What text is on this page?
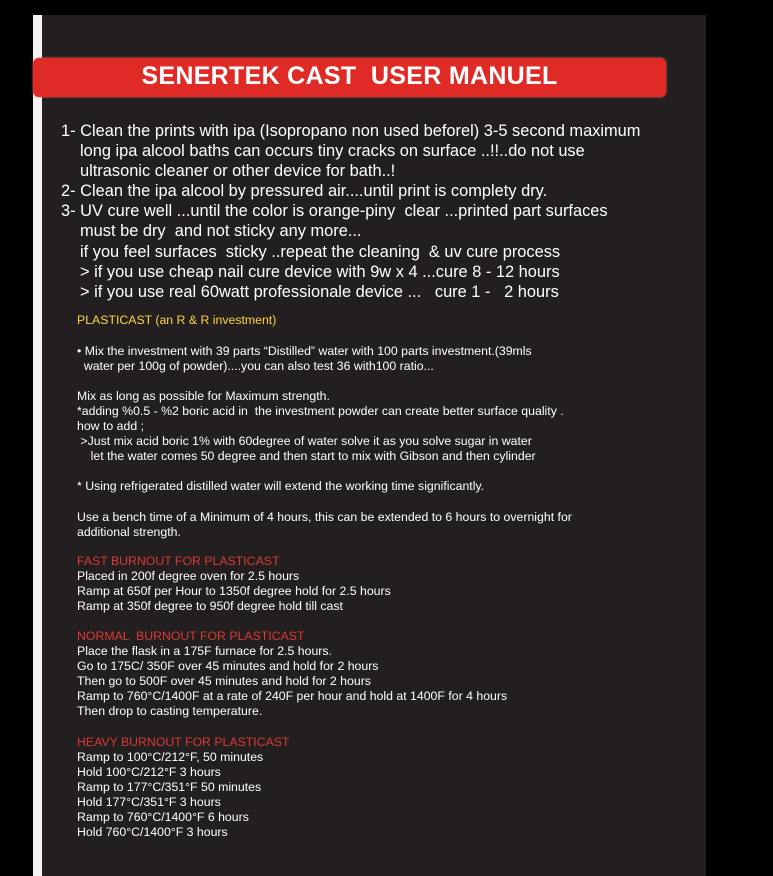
SENERTEK CAST  USER MANUEL
1- Clean the prints with ipa (Isopropano non used beforel) 3-5 second maximum
long ipa alcool baths can occurs tiny cracks on surface ..!!..do not use
ultrasonic cleaner or other device for bath..!
2- Clean the ipa alcool by pressured air....until print is complety dry.
3- UV cure well ...until the color is orange-piny  clear ...printed part surfaces
must be dry  and not sticky any more...
if you feel surfaces  sticky ..repeat the cleaning  & uv cure process
> if you use cheap nail cure device with 9w x 4 ...cure 8 - 12 hours
> if you use real 60watt professionale device ...   cure 1 -   2 hours
PLASTICAST (an R & R investment)
• Mix the investment with 39 parts “Distilled” water with 100 parts investment.(39mls
water per 100g of powder)....you can also test 36 with100 ratio...
Mix as long as possible for Maximum strength.
*adding %0.5 - %2 boric acid in  the investment powder can create better surface quality .
how to add ;
>Just mix acid boric 1% with 60degree of water solve it as you solve sugar in water
let the water comes 50 degree and then start to mix with Gibson and then cylinder
* Using refrigerated distilled water will extend the working time significantly.
Use a bench time of a Minimum of 4 hours, this can be extended to 6 hours to overnight for
additional strength.
FAST BURNOUT FOR PLASTICAST
Placed in 200f degree oven for 2.5 hours
Ramp at 650f per Hour to 1350f degree hold for 2.5 hours
Ramp at 350f degree to 950f degree hold till cast
NORMAL  BURNOUT FOR PLASTICAST
Place the flask in a 175F furnace for 2.5 hours.
Go to 175C/ 350F over 45 minutes and hold for 2 hours
Then go to 500F over 45 minutes and hold for 2 hours
Ramp to 760°C/1400F at a rate of 240F per hour and hold at 1400F for 4 hours
Then drop to casting temperature.
HEAVY BURNOUT FOR PLASTICAST
Ramp to 100°C/212°F, 50 minutes
Hold 100°C/212°F 3 hours
Ramp to 177°C/351°F 50 minutes
Hold 177°C/351°F 3 hours
Ramp to 760°C/1400°F 6 hours
Hold 760°C/1400°F 3 hours
